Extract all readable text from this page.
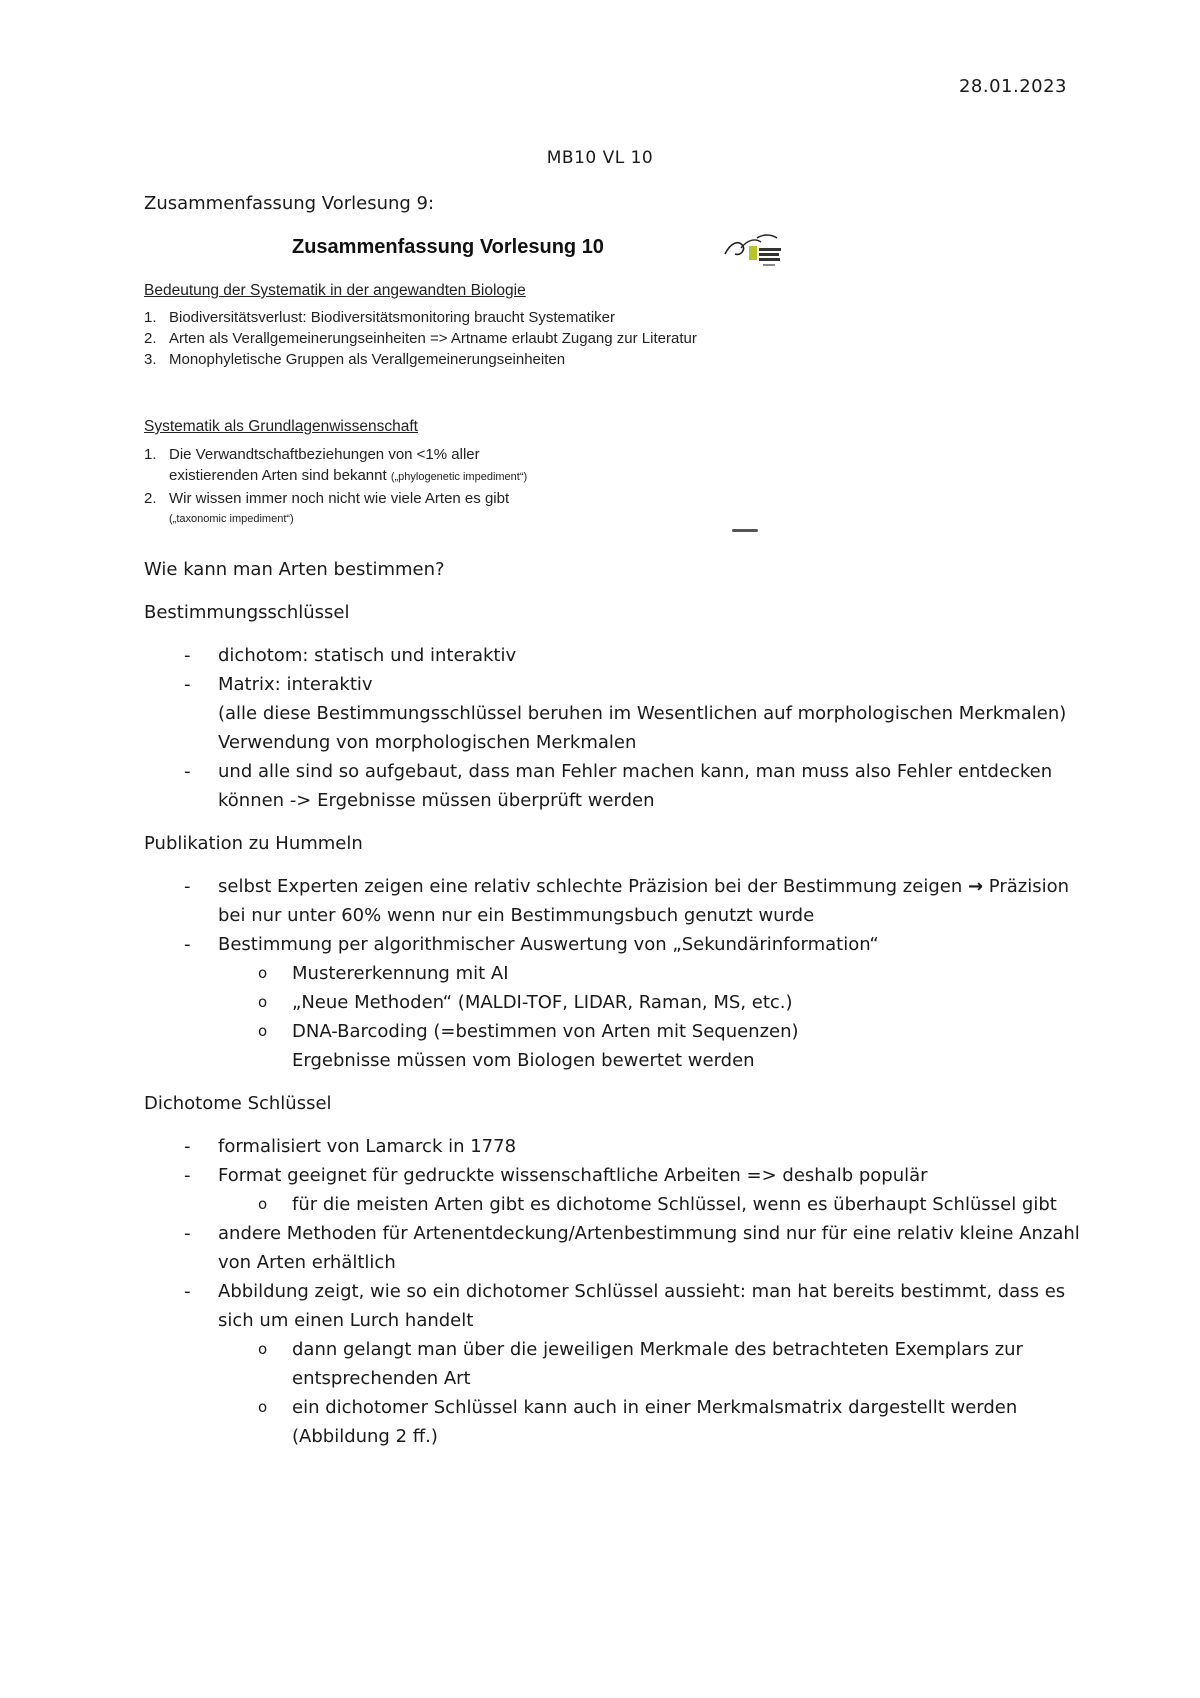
28.01.2023
MB10 VL 10
Zusammenfassung Vorlesung 9:
Zusammenfassung Vorlesung 10
Bedeutung der Systematik in der angewandten Biologie
1. Biodiversitätsverlust: Biodiversitätsmonitoring braucht Systematiker
2. Arten als Verallgemeinerungseinheiten => Artname erlaubt Zugang zur Literatur
3. Monophyletische Gruppen als Verallgemeinerungseinheiten
Systematik als Grundlagenwissenschaft
1. Die Verwandtschaftbeziehungen von <1% aller
existierenden Arten sind bekannt („phylogenetic impediment“)
2. Wir wissen immer noch nicht wie viele Arten es gibt
(„taxonomic impediment“)

Wie kann man Arten bestimmen?

Bestimmungsschlüssel

- dichotom: statisch und interaktiv
- Matrix: interaktiv
(alle diese Bestimmungsschlüssel beruhen im Wesentlichen auf morphologischen Merkmalen)
Verwendung von morphologischen Merkmalen
- und alle sind so aufgebaut, dass man Fehler machen kann, man muss also Fehler entdecken können -> Ergebnisse müssen überprüft werden

Publikation zu Hummeln

- selbst Experten zeigen eine relativ schlechte Präzision bei der Bestimmung zeigen → Präzision bei nur unter 60% wenn nur ein Bestimmungsbuch genutzt wurde
- Bestimmung per algorithmischer Auswertung von „Sekundärinformation“
o Mustererkennung mit AI
o „Neue Methoden“ (MALDI-TOF, LIDAR, Raman, MS, etc.)
o DNA-Barcoding (=bestimmen von Arten mit Sequenzen)
Ergebnisse müssen vom Biologen bewertet werden

Dichotome Schlüssel

- formalisiert von Lamarck in 1778
- Format geeignet für gedruckte wissenschaftliche Arbeiten => deshalb populär
o für die meisten Arten gibt es dichotome Schlüssel, wenn es überhaupt Schlüssel gibt
- andere Methoden für Artenentdeckung/Artenbestimmung sind nur für eine relativ kleine Anzahl von Arten erhältlich
- Abbildung zeigt, wie so ein dichotomer Schlüssel aussieht: man hat bereits bestimmt, dass es sich um einen Lurch handelt
o dann gelangt man über die jeweiligen Merkmale des betrachteten Exemplars zur entsprechenden Art
o ein dichotomer Schlüssel kann auch in einer Merkmalsmatrix dargestellt werden (Abbildung 2 ff.)
